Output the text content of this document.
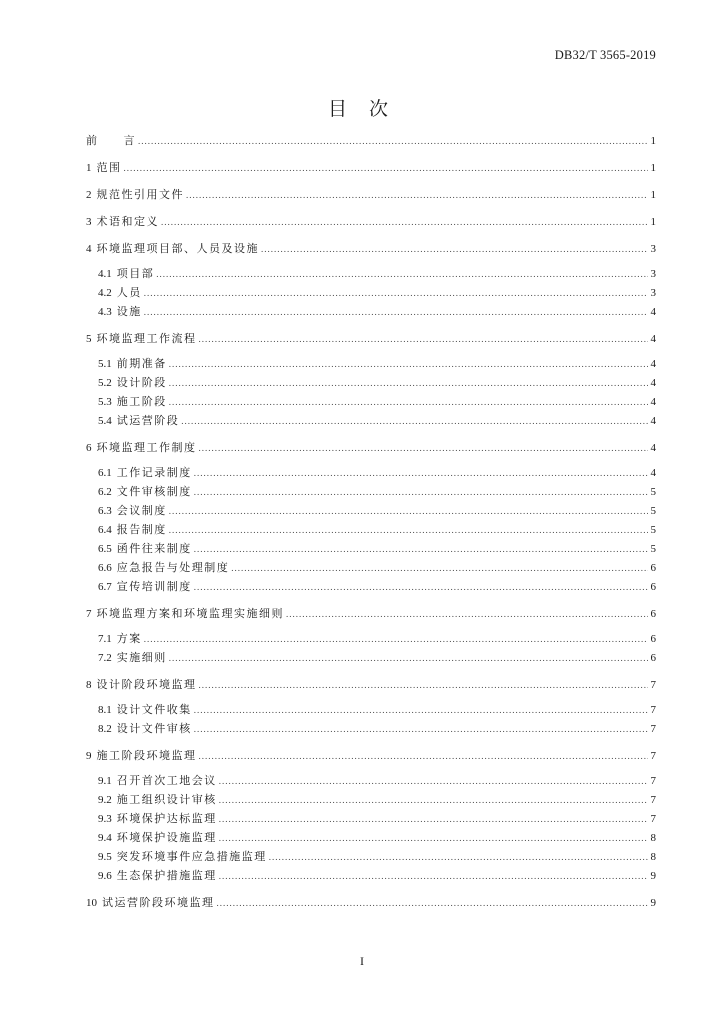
DB32/T 3565-2019
目 次
前　　言 .....	1
1 范围 .....	1
2 规范性引用文件 .....	1
3 术语和定义 .....	1
4 环境监理项目部、人员及设施 .....	3
4.1 项目部 .....	3
4.2 人员 .....	3
4.3 设施 .....	4
5 环境监理工作流程 .....	4
5.1 前期准备 .....	4
5.2 设计阶段 .....	4
5.3 施工阶段 .....	4
5.4 试运营阶段 .....	4
6 环境监理工作制度 .....	4
6.1 工作记录制度 .....	4
6.2 文件审核制度 .....	5
6.3 会议制度 .....	5
6.4 报告制度 .....	5
6.5 函件往来制度 .....	5
6.6 应急报告与处理制度 .....	6
6.7 宣传培训制度 .....	6
7 环境监理方案和环境监理实施细则 .....	6
7.1 方案 .....	6
7.2 实施细则 .....	6
8 设计阶段环境监理 .....	7
8.1 设计文件收集 .....	7
8.2 设计文件审核 .....	7
9 施工阶段环境监理 .....	7
9.1 召开首次工地会议 .....	7
9.2 施工组织设计审核 .....	7
9.3 环境保护达标监理 .....	7
9.4 环境保护设施监理 .....	8
9.5 突发环境事件应急措施监理 .....	8
9.6 生态保护措施监理 .....	9
10 试运营阶段环境监理 .....	9
I
